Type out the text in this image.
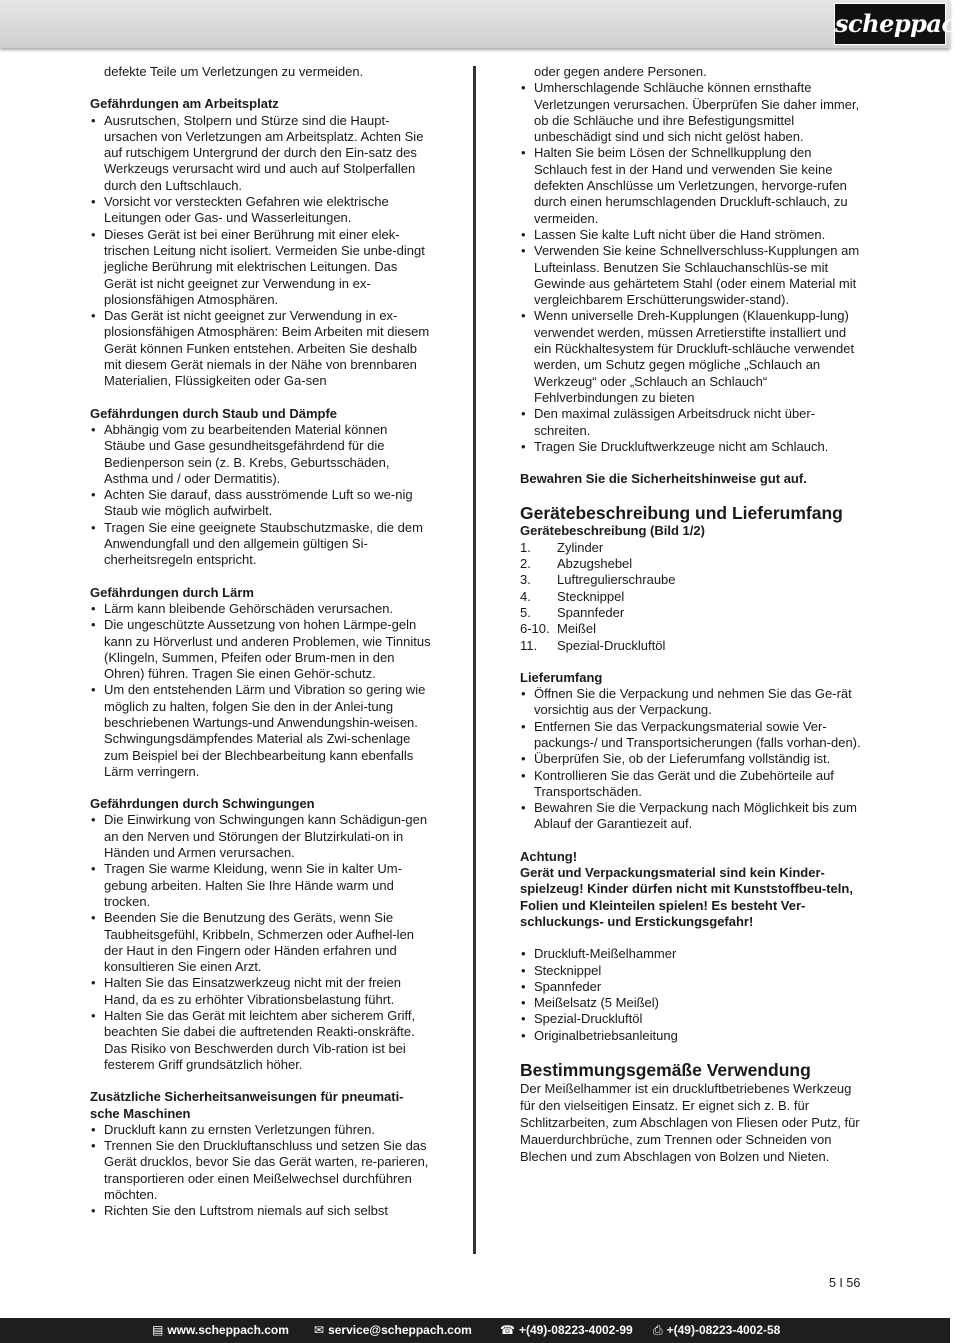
scheppach
defekte Teile um Verletzungen zu vermeiden.
Gefährdungen am Arbeitsplatz
• Ausrutschen, Stolpern und Stürze sind die Haupt-ursachen von Verletzungen am Arbeitsplatz. Achten Sie auf rutschigem Untergrund der durch den Ein-satz des Werkzeugs verursacht wird und auch auf Stolperfallen durch den Luftschlauch.
• Vorsicht vor versteckten Gefahren wie elektrische Leitungen oder Gas- und Wasserleitungen.
• Dieses Gerät ist bei einer Berührung mit einer elek-trischen Leitung nicht isoliert. Vermeiden Sie unbe-dingt jegliche Berührung mit elektrischen Leitungen. Das Gerät ist nicht geeignet zur Verwendung in ex-plosionsfähigen Atmosphären.
• Das Gerät ist nicht geeignet zur Verwendung in ex-plosionsfähigen Atmosphären: Beim Arbeiten mit diesem Gerät können Funken entstehen. Arbeiten Sie deshalb mit diesem Gerät niemals in der Nähe von brennbaren Materialien, Flüssigkeiten oder Ga-sen
Gefährdungen durch Staub und Dämpfe
• Abhängig vom zu bearbeitenden Material können Stäube und Gase gesundheitsgefährdend für die Bedienperson sein (z. B. Krebs, Geburtsschäden, Asthma und / oder Dermatitis).
• Achten Sie darauf, dass ausströmende Luft so we-nig Staub wie möglich aufwirbelt.
• Tragen Sie eine geeignete Staubschutzmaske, die dem Anwendungfall und den allgemein gültigen Si-cherheitsregeln entspricht.
Gefährdungen durch Lärm
• Lärm kann bleibende Gehörschäden verursachen.
• Die ungeschützte Aussetzung von hohen Lärmpe-geln kann zu Hörverlust und anderen Problemen, wie Tinnitus (Klingeln, Summen, Pfeifen oder Brum-men in den Ohren) führen. Tragen Sie einen Gehör-schutz.
• Um den entstehenden Lärm und Vibration so gering wie möglich zu halten, folgen Sie den in der Anlei-tung beschriebenen Wartungs-und Anwendungshin-weisen. Schwingungsdämpfendes Material als Zwi-schenlage zum Beispiel bei der Blechbearbeitung kann ebenfalls Lärm verringern.
Gefährdungen durch Schwingungen
• Die Einwirkung von Schwingungen kann Schädigun-gen an den Nerven und Störungen der Blutzirkulati-on in Händen und Armen verursachen.
• Tragen Sie warme Kleidung, wenn Sie in kalter Um-gebung arbeiten. Halten Sie Ihre Hände warm und trocken.
• Beenden Sie die Benutzung des Geräts, wenn Sie Taubheitsgefühl, Kribbeln, Schmerzen oder Aufhel-len der Haut in den Fingern oder Händen erfahren und konsultieren Sie einen Arzt.
• Halten Sie das Einsatzwerkzeug nicht mit der freien Hand, da es zu erhöhter Vibrationsbelastung führt.
• Halten Sie das Gerät mit leichtem aber sicherem Griff, beachten Sie dabei die auftretenden Reakti-onskräfte. Das Risiko von Beschwerden durch Vib-ration ist bei festerem Griff grundsätzlich höher.
Zusätzliche Sicherheitsanweisungen für pneumati-sche Maschinen
• Druckluft kann zu ernsten Verletzungen führen.
• Trennen Sie den Druckluftanschluss und setzen Sie das Gerät drucklos, bevor Sie das Gerät warten, re-parieren, transportieren oder einen Meißelwechsel durchführen möchten.
• Richten Sie den Luftstrom niemals auf sich selbst
oder gegen andere Personen.
• Umherschlagende Schläuche können ernsthafte Verletzungen verursachen. Überprüfen Sie daher immer, ob die Schläuche und ihre Befestigungsmittel unbeschädigt sind und sich nicht gelöst haben.
• Halten Sie beim Lösen der Schnellkupplung den Schlauch fest in der Hand und verwenden Sie keine defekten Anschlüsse um Verletzungen, hervorge-rufen durch einen herumschlagenden Druckluft-schlauch, zu vermeiden.
• Lassen Sie kalte Luft nicht über die Hand strömen.
• Verwenden Sie keine Schnellverschluss-Kupplungen am Lufteinlass. Benutzen Sie Schlauchanschlüs-se mit Gewinde aus gehärtetem Stahl (oder einem Material mit vergleichbarem Erschütterungswider-stand).
• Wenn universelle Dreh-Kupplungen (Klauenkupp-lung) verwendet werden, müssen Arretierstifte installiert und ein Rückhaltesystem für Druckluft-schläuche verwendet werden, um Schutz gegen mögliche „Schlauch an Werkzeug“ oder „Schlauch an Schlauch“ Fehlverbindungen zu bieten
• Den maximal zulässigen Arbeitsdruck nicht über-schreiten.
• Tragen Sie Druckluftwerkzeuge nicht am Schlauch.
Bewahren Sie die Sicherheitshinweise gut auf.
Gerätebeschreibung und Lieferumfang
Gerätebeschreibung (Bild 1/2)
1. Zylinder
2. Abzugshebel
3. Luftregulierschraube
4. Stecknippel
5. Spannfeder
6-10. Meißel
11. Spezial-Druckluftöl
Lieferumfang
• Öffnen Sie die Verpackung und nehmen Sie das Ge-rät vorsichtig aus der Verpackung.
• Entfernen Sie das Verpackungsmaterial sowie Ver-packungs-/ und Transportsicherungen (falls vorhan-den).
• Überprüfen Sie, ob der Lieferumfang vollständig ist.
• Kontrollieren Sie das Gerät und die Zubehörteile auf Transportschäden.
• Bewahren Sie die Verpackung nach Möglichkeit bis zum Ablauf der Garantiezeit auf.
Achtung!
Gerät und Verpackungsmaterial sind kein Kinder-spielzeug! Kinder dürfen nicht mit Kunststoffbeu-teln, Folien und Kleinteilen spielen! Es besteht Ver-schluckungs- und Erstickungsgefahr!
• Druckluft-Meißelhammer
• Stecknippel
• Spannfeder
• Meißelsatz (5 Meißel)
• Spezial-Druckluftöl
• Originalbetriebsanleitung
Bestimmungsgemäße Verwendung
Der Meißelhammer ist ein druckluftbetriebenes Werkzeug für den vielseitigen Einsatz. Er eignet sich z. B. für Schlitzarbeiten, zum Abschlagen von Fliesen oder Putz, für Mauerdurchbrüche, zum Trennen oder Schneiden von Blechen und zum Abschlagen von Bolzen und Nieten.
5 I 56
▤ www.scheppach.com ✉ service@scheppach.com ☎ +(49)-08223-4002-99 ⎙ +(49)-08223-4002-58
